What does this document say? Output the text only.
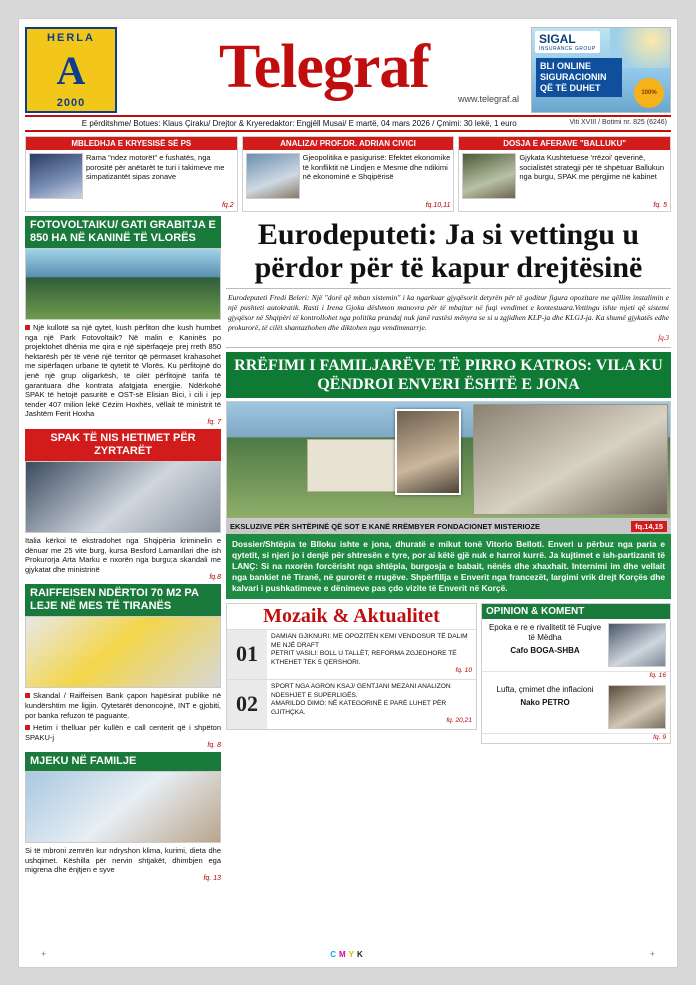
HERLA
A
2000
Telegraf	www.telegraf.al
SIGAL
INSURANCE GROUP
BLI ONLINE
SIGURACIONIN
QË TË DUHET	100%
E përditshme/ Botues: Klaus Çiraku/ Drejtor & Kryeredaktor: Engjëll Musai/ E martë, 04 mars 2026 / Çmimi: 30 lekë, 1 euro	Viti XVIII / Botimi nr. 825 (6246)
MBLEDHJA E KRYESISË SË PS

Rama "ndez motorët" e fushatës, nga porositë për anëtarët te turi i takimeve me simpatizantët sipas zonave

fq.2
ANALIZA/ PROF.DR. ADRIAN CIVICI

Gjeopolitika e pasigurisë: Efektet ekonomike të konfliktit në Lindjen e Mesme dhe ndikimi në ekonominë e Shqipërisë

fq.10,11
DOSJA E AFERAVE "BALLUKU"

Gjykata Kushtetuese 'rrëzoi' qeverinë, socialistët strategji për të shpëtuar Ballukun nga burgu, SPAK me përgjime në kabinet

fq. 5
FOTOVOLTAIKU/ GATI GRABITJA E 850 HA NË KANINË TË VLORËS

Një kullotë sa një qytet, kush përfiton dhe kush humbet nga një Park Fotovoltaik? Në malin e Kaninës po projektohet dhënia me qira e një sipërfaqeje prej rreth 850 hektarësh për të vënë një territor që përmaset krahasohet me sipërfaqen urbane të qytetit të Vlorës. Ku përfitojnë do jenë një grup oligarkësh, të cilët përfitojnë tarifa të garantuara dhe kontrata afatgjata energjie. Ndërkohë SPAK të hetojë pasuritë e OST-së Elisian Bici, i cili i jep tender 407 milion lekë Cëzim Hoxhës, vëllait të ministrit të Jashtëm Ferit Hoxha

fq. 7
SPAK TË NIS HETIMET PËR ZYRTARËT

Italia kërkoi të ekstradohet nga Shqipëria kriminelin e dënuar me 25 vite burg, kursa Besford Lamanllari dhe ish Prokurorja Arta Marku e nxorën nga burgu;a skandali me gjykatat dhe ministrinë

fq.8
RAIFFEISEN NDËRTOI 70 M2 PA LEJE NË MES TË TIRANËS

Skandal / Raiffeisen Bank çapon hapësirat publike në kundërshtim me ligjin. Qytetarët denoncojnë, INT e gjobiti, por banka refuzon të paguante.

Hetim i thelluar për kullën e call centerit që i shpëton SPAKU-j

fq. 8
MJEKU NË FAMILJE

Si të mbroni zemrën kur ndryshon klima, kurimi, dieta dhe ushqimet. Këshilla për nervin shtjakët, dhimbjen ega migrena dhe ënjtjen e syve

fq. 13
Eurodeputeti: Ja si vettingu u përdor për të kapur drejtësinë
Eurodeputeti Fredi Beleri: Një "dorë që mban sistemin" i ka ngarkuar gjyqësorit detyrën për të goditur figura opozitare me qëllim instalimin e një pushteti autokratik. Rasti i Irena Gjoka dëshmon manovra për të mbajtur në fuqi vendimet e kontestuara.Vettingu ishte mjeti që sistemi gjyqësor në Shqipëri të kontrollohet nga politika prandaj nuk janë rastësi mënyra se si u zgjidhen KLP-ja dhe KLGJ-ja. Ka shumë gjykatës edhe prokurorë, të cilët shantazhohen dhe diktohen nga vendimmarrje.
fq.3
RRËFIMI I FAMILJARËVE TË PIRRO KATROS: VILA KU QËNDROI ENVERI ËSHTË E JONA
EKSLUZIVE PËR SHTËPINË QË SOT E KANË RRËMBYER FONDACIONET MISTERIOZE	fq.14,15
Dossier/Shtëpia te Blloku ishte e jona, dhuratë e mikut tonë Vitorio Belloti. Enveri u përbuz nga paria e qytetit, si njeri jo i denjë për shtresën e tyre, por ai këtë gjë nuk e harroi kurrë. Ja kujtimet e ish-partizanit të LANÇ: Si na nxorën forcërisht nga shtëpia, burgosja e babait, nënës dhe xhaxhait. Internimi im dhe vellait nga bankiet në Tiranë, në gurorët e rrugëve. Shpërfillja e Enverit nga francezët, largimi vrik drejt Korçës dhe kalvari i pushkatimeve e dënimeve pas çdo vizite të Enverit në Korçë.
Mozaik & Aktualitet
01
DAMIAN GJIKNURI: ME OPOZITËN KEMI VENDOSUR TË DALIM ME NJË DRAFT
PETRIT VASILI: BOLL U TALLËT, REFORMA ZGJEDHORE TË KTHEHET TEK 5 QERSHORI.
fq. 10
02
SPORT NGA AGRON KSAJ/ GENTJANI MEZANI ANALIZON NDESHJET E SUPERLIGËS.
AMARILDO DIMO: NË KATEGORINË E PARË LUHET PËR GJITHÇKA.
fq. 20,21
OPINION & KOMENT
Epoka e re e rivalitetit të Fuqive të Mëdha
Cafo BOGA-SHBA
fq. 16
Lufta, çmimet dhe inflacioni
Nako PETRO
fq. 9
+	CMYK	+
